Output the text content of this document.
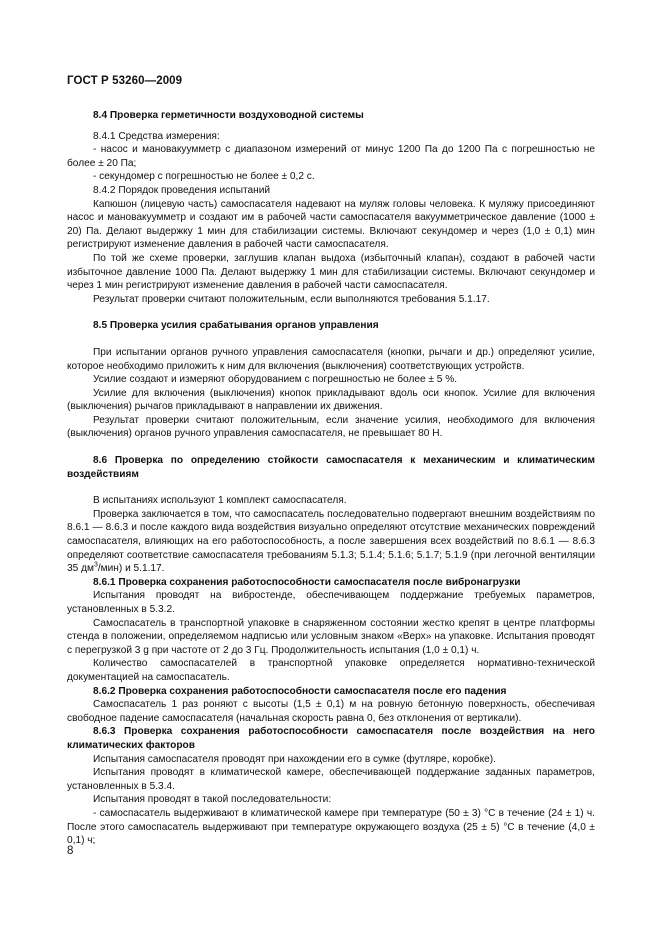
ГОСТ Р 53260—2009

8.4 Проверка герметичности воздуховодной системы

8.4.1 Средства измерения:

- насос и мановакуумметр с диапазоном измерений от минус 1200 Па до 1200 Па с погрешностью не более ± 20 Па;

- секундомер с погрешностью не более ± 0,2 с.

8.4.2 Порядок проведения испытаний

Капюшон (лицевую часть) самоспасателя надевают на муляж головы человека. К муляжу присоединяют насос и мановакуумметр и создают им в рабочей части самоспасателя вакуумметрическое давление (1000 ± 20) Па. Делают выдержку 1 мин для стабилизации системы. Включают секундомер и через (1,0 ± 0,1) мин регистрируют изменение давления в рабочей части самоспасателя.

По той же схеме проверки, заглушив клапан выдоха (избыточный клапан), создают в рабочей части избыточное давление 1000 Па. Делают выдержку 1 мин для стабилизации системы. Включают секундомер и через 1 мин регистрируют изменение давления в рабочей части самоспасателя.

Результат проверки считают положительным, если выполняются требования 5.1.17.

8.5 Проверка усилия срабатывания органов управления

При испытании органов ручного управления самоспасателя (кнопки, рычаги и др.) определяют усилие, которое необходимо приложить к ним для включения (выключения) соответствующих устройств.

Усилие создают и измеряют оборудованием с погрешностью не более ± 5 %.

Усилие для включения (выключения) кнопок прикладывают вдоль оси кнопок. Усилие для включения (выключения) рычагов прикладывают в направлении их движения.

Результат проверки считают положительным, если значение усилия, необходимого для включения (выключения) органов ручного управления самоспасателя, не превышает 80 Н.

8.6 Проверка по определению стойкости самоспасателя к механическим и климатическим воздействиям

В испытаниях используют 1 комплект самоспасателя.

Проверка заключается в том, что самоспасатель последовательно подвергают внешним воздействиям по 8.6.1 — 8.6.3 и после каждого вида воздействия визуально определяют отсутствие механических повреждений самоспасателя, влияющих на его работоспособность, а после завершения всех воздействий по 8.6.1 — 8.6.3 определяют соответствие самоспасателя требованиям 5.1.3; 5.1.4; 5.1.6; 5.1.7; 5.1.9 (при легочной вентиляции 35 $дм^3/мин$) и 5.1.17.

8.6.1 Проверка сохранения работоспособности самоспасателя после вибронагрузки

Испытания проводят на вибростенде, обеспечивающем поддержание требуемых параметров, установленных в 5.3.2.

Самоспасатель в транспортной упаковке в снаряженном состоянии жестко крепят в центре платформы стенда в положении, определяемом надписью или условным знаком «Верх» на упаковке. Испытания проводят с перегрузкой 3 g при частоте от 2 до 3 Гц. Продолжительность испытания (1,0 ± 0,1) ч.

Количество самоспасателей в транспортной упаковке определяется нормативно-технической документацией на самоспасатель.

8.6.2 Проверка сохранения работоспособности самоспасателя после его падения

Самоспасатель 1 раз роняют с высоты (1,5 ± 0,1) м на ровную бетонную поверхность, обеспечивая свободное падение самоспасателя (начальная скорость равна 0, без отклонения от вертикали).

8.6.3 Проверка сохранения работоспособности самоспасателя после воздействия на него климатических факторов

Испытания самоспасателя проводят при нахождении его в сумке (футляре, коробке).

Испытания проводят в климатической камере, обеспечивающей поддержание заданных параметров, установленных в 5.3.4.

Испытания проводят в такой последовательности:

- самоспасатель выдерживают в климатической камере при температуре (50 ± 3) °С в течение (24 ± 1) ч. После этого самоспасатель выдерживают при температуре окружающего воздуха (25 ± 5) °С в течение (4,0 ± 0,1) ч;

8
